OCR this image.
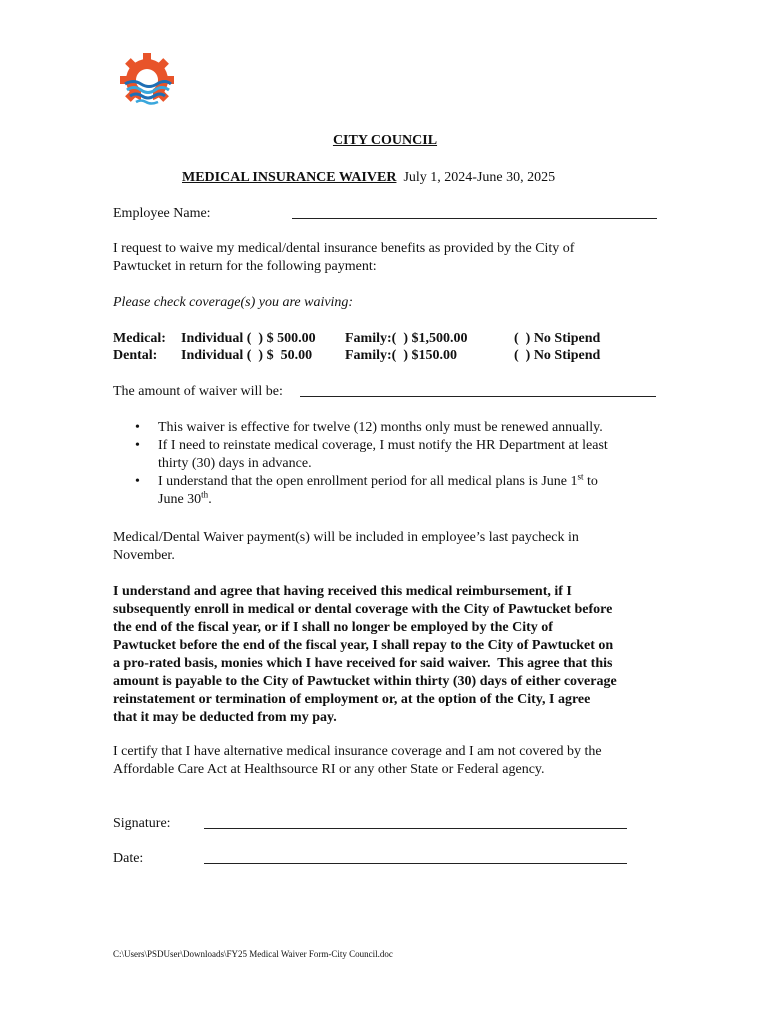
CITY COUNCIL
MEDICAL INSURANCE WAIVER July 1, 2024-June 30, 2025
Employee Name:
I request to waive my medical/dental insurance benefits as provided by the City of
Pawtucket in return for the following payment:
Please check coverage(s) you are waiving:
Medical: Individual (  ) $ 500.00 Family:(  ) $1,500.00	(  ) No Stipend
Dental: Individual (  ) $  50.00 Family:(  ) $150.00	(  ) No Stipend
The amount of waiver will be:
• This waiver is effective for twelve (12) months only must be renewed annually.
• If I need to reinstate medical coverage, I must notify the HR Department at least
thirty (30) days in advance.
• I understand that the open enrollment period for all medical plans is June 1st to
June 30th.
Medical/Dental Waiver payment(s) will be included in employee’s last paycheck in
November.
I understand and agree that having received this medical reimbursement, if I
subsequently enroll in medical or dental coverage with the City of Pawtucket before
the end of the fiscal year, or if I shall no longer be employed by the City of
Pawtucket before the end of the fiscal year, I shall repay to the City of Pawtucket on
a pro-rated basis, monies which I have received for said waiver.  This agree that this
amount is payable to the City of Pawtucket within thirty (30) days of either coverage
reinstatement or termination of employment or, at the option of the City, I agree
that it may be deducted from my pay.
I certify that I have alternative medical insurance coverage and I am not covered by the
Affordable Care Act at Healthsource RI or any other State or Federal agency.
Signature:
Date:
C:\Users\PSDUser\Downloads\FY25 Medical Waiver Form-City Council.doc
